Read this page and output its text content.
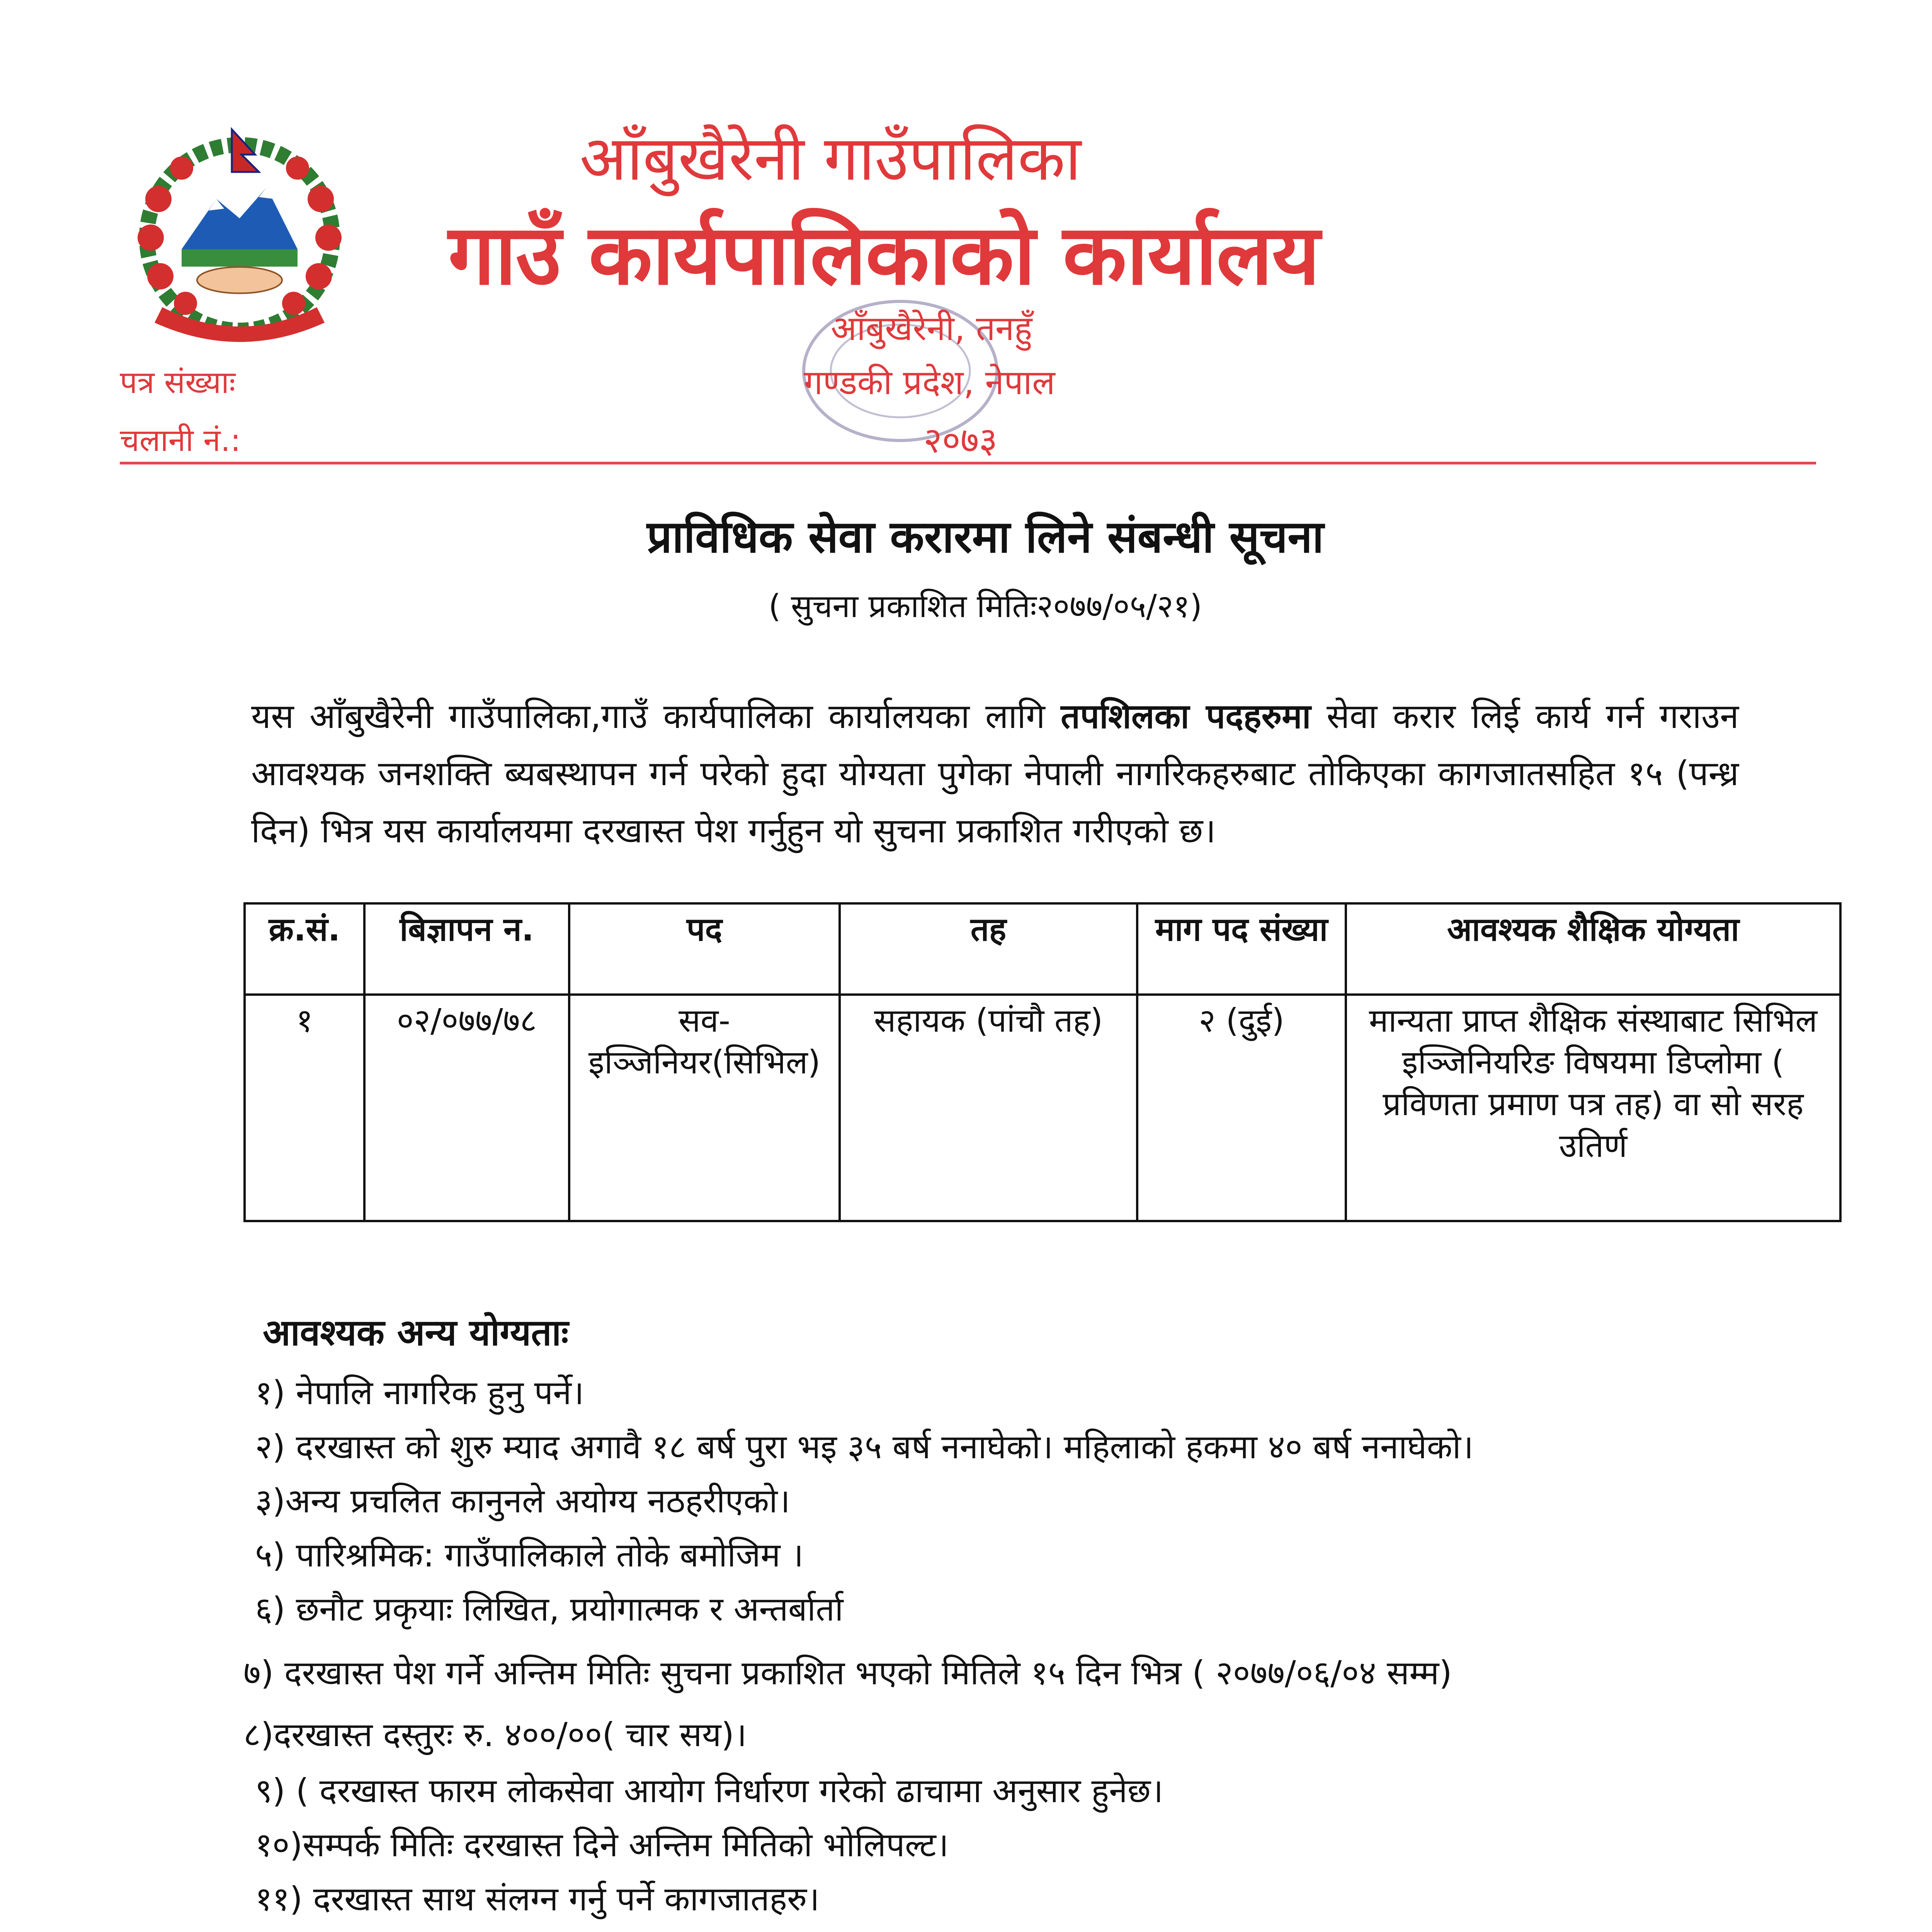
आँबुखैरेनी गाउँपालिका
गाउँ कार्यपालिकाको कार्यालय
आँबुखैरेनी, तनहुँ
गण्डकी प्रदेश, नेपाल
२०७३
पत्र संख्याः
चलानी नं.:
प्राविधिक सेवा करारमा लिने संबन्धी सूचना
( सुचना प्रकाशित मितिः२०७७/०५/२१)
यस आँबुखैरेनी गाउँपालिका,गाउँ कार्यपालिका कार्यालयका लागि तपशिलका पदहरुमा सेवा करार लिई कार्य गर्न गराउन आवश्यक जनशक्ति ब्यबस्थापन गर्न परेको हुदा योग्यता पुगेका नेपाली नागरिकहरुबाट तोकिएका कागजातसहित १५ (पन्ध्र दिन) भित्र यस कार्यालयमा दरखास्त पेश गर्नुहुन यो सुचना प्रकाशित गरीएको छ।
क्र.सं.	बिज्ञापन न.	पद	तह	माग पद संख्या	आवश्यक शैक्षिक योग्यता
१	०२/०७७/७८	सव-इञ्जिनियर(सिभिल)	सहायक (पांचौ तह)	२ (दुई)	मान्यता प्राप्त शैक्षिक संस्थाबाट सिभिल इञ्जिनियरिङ विषयमा डिप्लोमा ( प्रविणता प्रमाण पत्र तह) वा सो सरह उतिर्ण
आवश्यक अन्य योग्यताः
१) नेपालि नागरिक हुनु पर्ने।
२) दरखास्त को शुरु म्याद अगावै १८ बर्ष पुरा भइ ३५ बर्ष ननाघेको। महिलाको हकमा ४० बर्ष ननाघेको।
३)अन्य प्रचलित कानुनले अयोग्य नठहरीएको।
५) पारिश्रमिक: गाउँपालिकाले तोके बमोजिम ।
६) छनौट प्रकृयाः लिखित, प्रयोगात्मक र अन्तर्बार्ता
७) दरखास्त पेश गर्ने अन्तिम मितिः सुचना प्रकाशित भएको मितिले १५ दिन भित्र ( २०७७/०६/०४ सम्म)
८)दरखास्त दस्तुरः रु. ४००/००( चार सय)।
९) ( दरखास्त फारम लोकसेवा आयोग निर्धारण गरेको ढाचामा अनुसार हुनेछ।
१०)सम्पर्क मितिः दरखास्त दिने अन्तिम मितिको भोलिपल्ट।
११) दरखास्त साथ संलग्न गर्नु पर्ने कागजातहरु।
